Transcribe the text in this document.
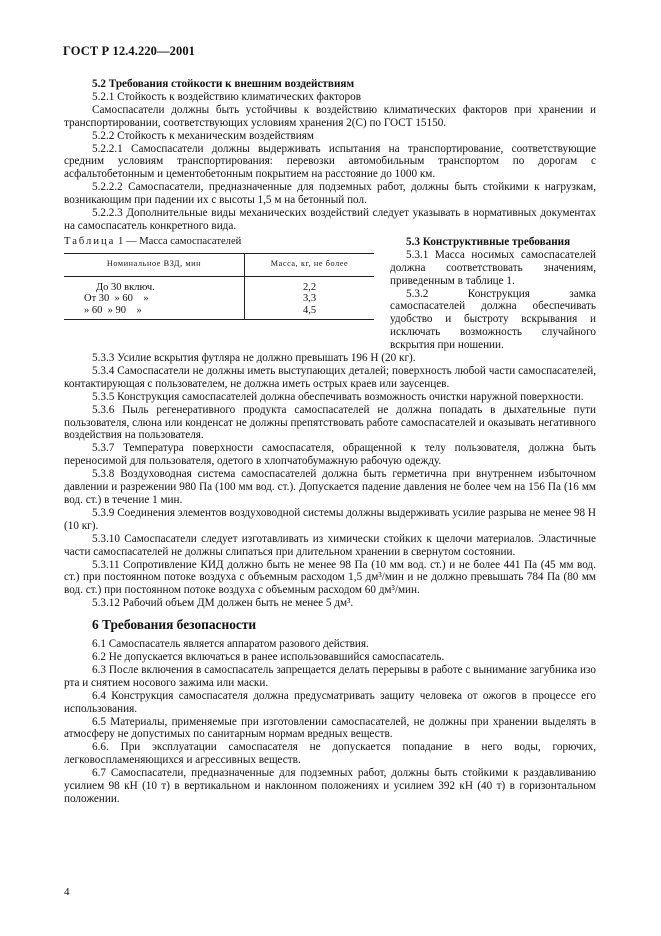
ГОСТ Р 12.4.220—2001

5.2 Требования стойкости к внешним воздействиям

5.2.1 Стойкость к воздействию климатических факторов

Самоспасатели должны быть устойчивы к воздействию климатических факторов при хранении и транспортировании, соответствующих условиям хранения 2(С) по ГОСТ 15150.

5.2.2 Стойкость к механическим воздействиям

5.2.2.1 Самоспасатели должны выдерживать испытания на транспортирование, соответствующие средним условиям транспортирования: перевозки автомобильным транспортом по дорогам с асфальтобетонным и цементобетонным покрытием на расстояние до 1000 км.

5.2.2.2 Самоспасатели, предназначенные для подземных работ, должны быть стойкими к нагрузкам, возникающим при падении их с высоты 1,5 м на бетонный пол.

5.2.2.3 Дополнительные виды механических воздействий следует указывать в нормативных документах на самоспасатель конкретного вида.

Таблица 1 — Масса самоспасателей
Номинальное ВЗД, мин	Масса, кг, не более
До 30 включ.	2,2
От 30  » 60    »	3,3
» 60  » 90    »	4,5

5.3 Конструктивные требования

5.3.1 Масса носимых самоспасателей должна соответствовать значениям, приведенным в таблице 1.

5.3.2 Конструкция замка самоспасателей должна обеспечивать удобство и быстроту вскрывания и исключать возможность случайного вскрытия при ношении.

5.3.3 Усилие вскрытия футляра не должно превышать 196 Н (20 кг).

5.3.4 Самоспасатели не должны иметь выступающих деталей; поверхность любой части самоспасателей, контактирующая с пользователем, не должна иметь острых краев или заусенцев.

5.3.5 Конструкция самоспасателей должна обеспечивать возможность очистки наружной поверхности.

5.3.6 Пыль регенеративного продукта самоспасателей не должна попадать в дыхательные пути пользователя, слюна или конденсат не должны препятствовать работе самоспасателей и оказывать негативного воздействия на пользователя.

5.3.7 Температура поверхности самоспасателя, обращенной к телу пользователя, должна быть переносимой для пользователя, одетого в хлопчатобумажную рабочую одежду.

5.3.8 Воздуховодная система самоспасателей должна быть герметична при внутреннем избыточном давлении и разрежении 980 Па (100 мм вод. ст.). Допускается падение давления не более чем на 156 Па (16 мм вод. ст.) в течение 1 мин.

5.3.9 Соединения элементов воздуховодной системы должны выдерживать усилие разрыва не менее 98 Н (10 кг).

5.3.10 Самоспасатели следует изготавливать из химически стойких к щелочи материалов. Эластичные части самоспасателей не должны слипаться при длительном хранении в свернутом состоянии.

5.3.11 Сопротивление КИД должно быть не менее 98 Па (10 мм вод. ст.) и не более 441 Па (45 мм вод. ст.) при постоянном потоке воздуха с объемным расходом 1,5 дм³/мин и не должно превышать 784 Па (80 мм вод. ст.) при постоянном потоке воздуха с объемным расходом 60 дм³/мин.

5.3.12 Рабочий объем ДМ должен быть не менее 5 дм³.

6 Требования безопасности

6.1 Самоспасатель является аппаратом разового действия.

6.2 Не допускается включаться в ранее использовавшийся самоспасатель.

6.3 После включения в самоспасатель запрещается делать перерывы в работе с вынимание загубника изо рта и снятием носового зажима или маски.

6.4 Конструкция самоспасателя должна предусматривать защиту человека от ожогов в процессе его использования.

6.5 Материалы, применяемые при изготовлении самоспасателей, не должны при хранении выделять в атмосферу не допустимых по санитарным нормам вредных веществ.

6.6. При эксплуатации самоспасателя не допускается попадание в него воды, горючих, легковоспламеняющихся и агрессивных веществ.

6.7 Самоспасатели, предназначенные для подземных работ, должны быть стойкими к раздавливанию усилием 98 кН (10 т) в вертикальном и наклонном положениях и усилием 392 кН (40 т) в горизонтальном положении.

4
